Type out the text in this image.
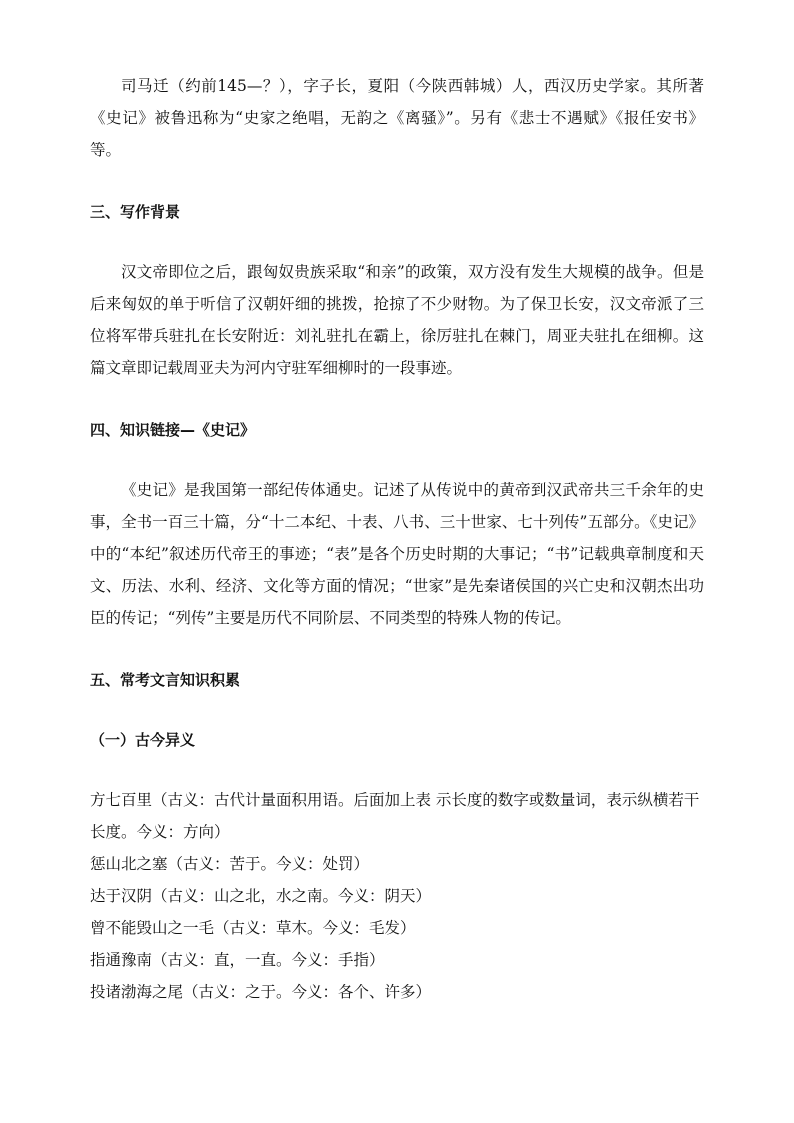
司马迁（约前145—？），字子长，夏阳（今陕西韩城）人，西汉历史学家。其所著《史记》被鲁迅称为“史家之绝唱，无韵之《离骚》”。另有《悲士不遇赋》《报任安书》等。

三、写作背景

汉文帝即位之后，跟匈奴贵族采取“和亲”的政策，双方没有发生大规模的战争。但是后来匈奴的单于听信了汉朝奸细的挑拨，抢掠了不少财物。为了保卫长安，汉文帝派了三位将军带兵驻扎在长安附近：刘礼驻扎在霸上，徐厉驻扎在棘门，周亚夫驻扎在细柳。这篇文章即记载周亚夫为河内守驻军细柳时的一段事迹。

四、知识链接—《史记》

《史记》是我国第一部纪传体通史。记述了从传说中的黄帝到汉武帝共三千余年的史事，全书一百三十篇，分“十二本纪、十表、八书、三十世家、七十列传”五部分。《史记》中的“本纪”叙述历代帝王的事迹；“表”是各个历史时期的大事记；“书”记载典章制度和天文、历法、水利、经济、文化等方面的情况；“世家”是先秦诸侯国的兴亡史和汉朝杰出功臣的传记；“列传”主要是历代不同阶层、不同类型的特殊人物的传记。

五、常考文言知识积累

（一）古今异义

方七百里（古义：古代计量面积用语。后面加上表 示长度的数字或数量词，表示纵横若干长度。今义：方向）

惩山北之塞（古义：苦于。今义：处罚）

达于汉阴（古义：山之北，水之南。今义：阴天）

曾不能毁山之一毛（古义：草木。今义：毛发）

指通豫南（古义：直，一直。今义：手指）

投诸渤海之尾（古义：之于。今义：各个、许多）
